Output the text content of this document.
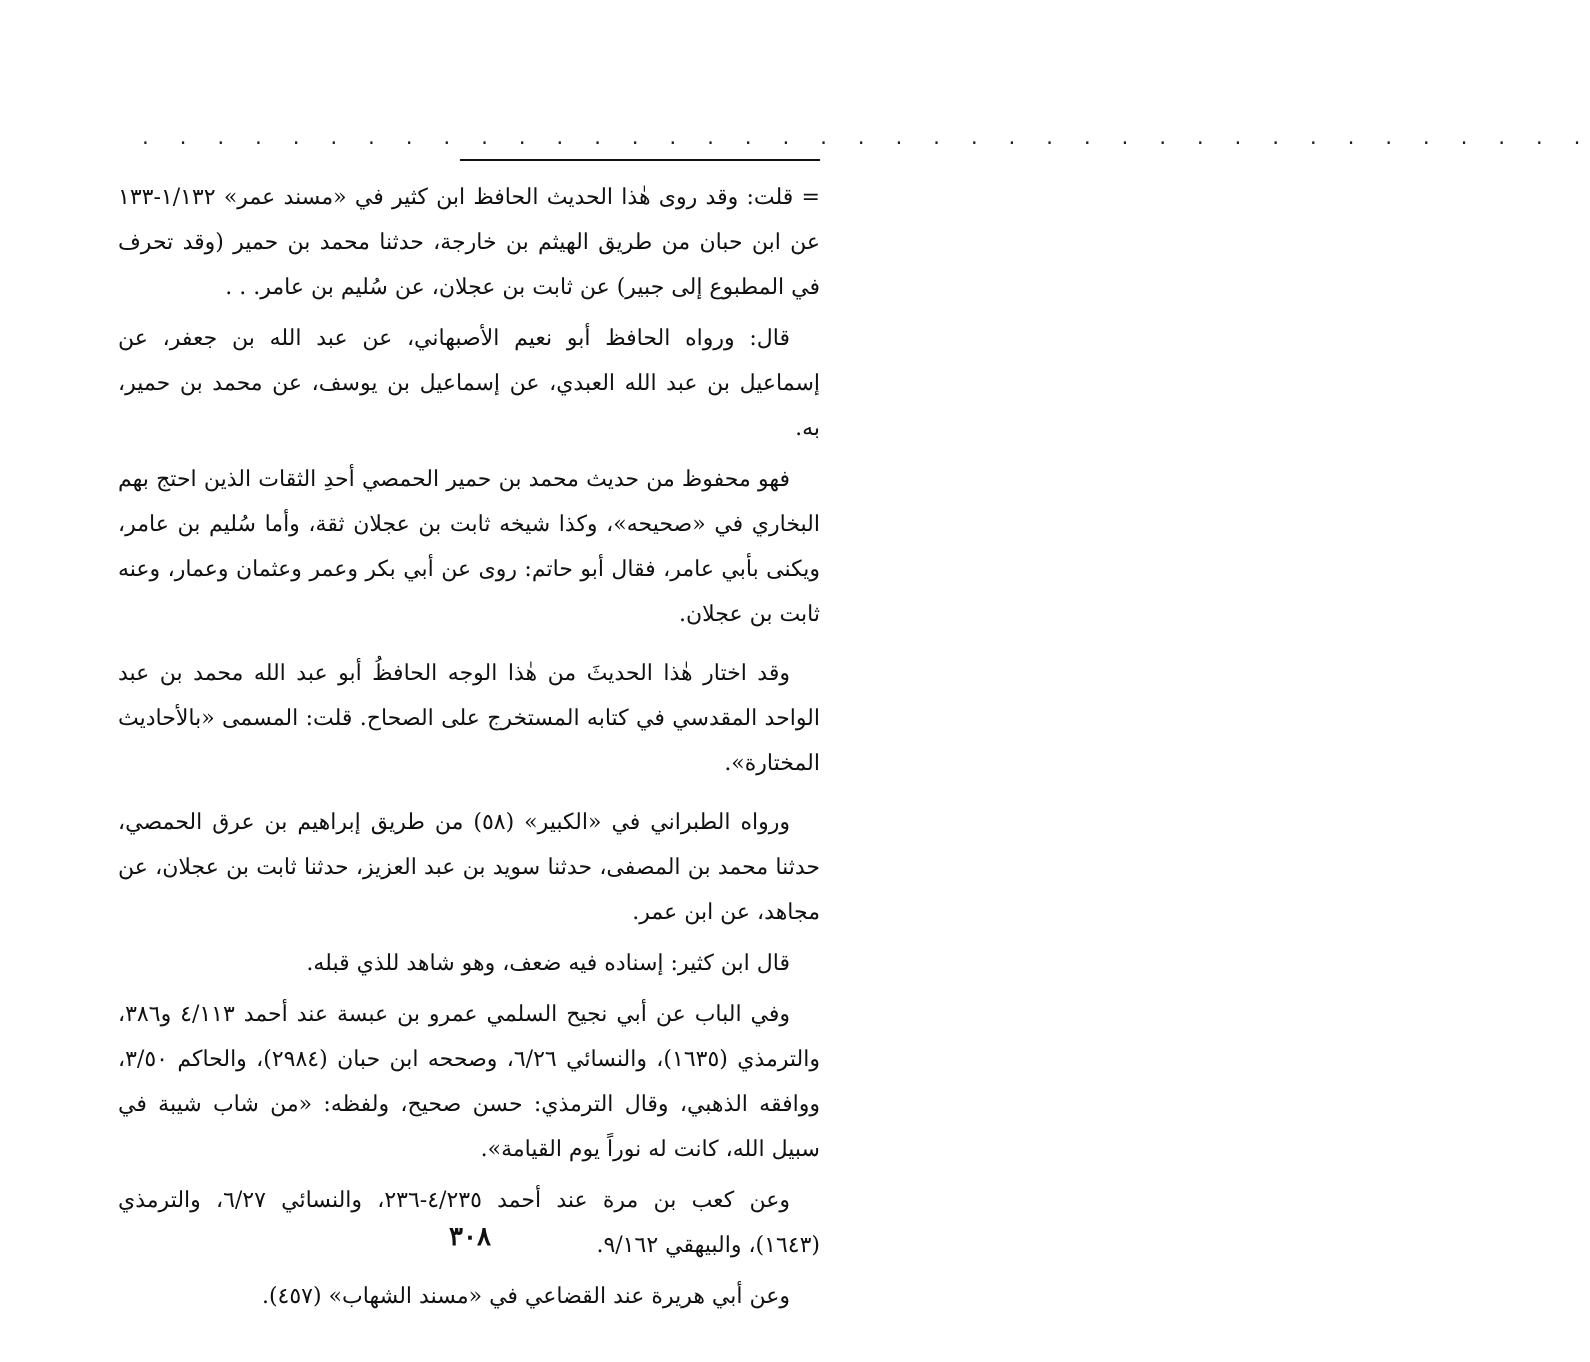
. . . . . . . . . . . . . . . . . . . . . . . . . . . . . . . . . . . . . . .

= قلت: وقد روى هٰذا الحديث الحافظ ابن كثير في «مسند عمر» ١/١٣٢-١٣٣ عن ابن حبان من طريق الهيثم بن خارجة، حدثنا محمد بن حمير (وقد تحرف في المطبوع إلى جبير) عن ثابت بن عجلان، عن سُليم بن عامر. . .

قال: ورواه الحافظ أبو نعيم الأصبهاني، عن عبد الله بن جعفر، عن إسماعيل بن عبد الله العبدي، عن إسماعيل بن يوسف، عن محمد بن حمير، به.

فهو محفوظ من حديث محمد بن حمير الحمصي أحدِ الثقات الذين احتج بهم البخاري في «صحيحه»، وكذا شيخه ثابت بن عجلان ثقة، وأما سُليم بن عامر، ويكنى بأبي عامر، فقال أبو حاتم: روى عن أبي بكر وعمر وعثمان وعمار، وعنه ثابت بن عجلان.

وقد اختار هٰذا الحديثَ من هٰذا الوجه الحافظُ أبو عبد الله محمد بن عبد الواحد المقدسي في كتابه المستخرج على الصحاح. قلت: المسمى «بالأحاديث المختارة».

ورواه الطبراني في «الكبير» (٥٨) من طريق إبراهيم بن عرق الحمصي، حدثنا محمد بن المصفى، حدثنا سويد بن عبد العزيز، حدثنا ثابت بن عجلان، عن مجاهد، عن ابن عمر.

قال ابن كثير: إسناده فيه ضعف، وهو شاهد للذي قبله.

وفي الباب عن أبي نجيح السلمي عمرو بن عبسة عند أحمد ٤/١١٣ و٣٨٦، والترمذي (١٦٣٥)، والنسائي ٦/٢٦، وصححه ابن حبان (٢٩٨٤)، والحاكم ٣/٥٠، ووافقه الذهبي، وقال الترمذي: حسن صحيح، ولفظه: «من شاب شيبة في سبيل الله، كانت له نوراً يوم القيامة».

وعن كعب بن مرة عند أحمد ٤/٢٣٥-٢٣٦، والنسائي ٦/٢٧، والترمذي (١٦٤٣)، والبيهقي ٩/١٦٢.

وعن أبي هريرة عند القضاعي في «مسند الشهاب» (٤٥٧).

٣٠٨
